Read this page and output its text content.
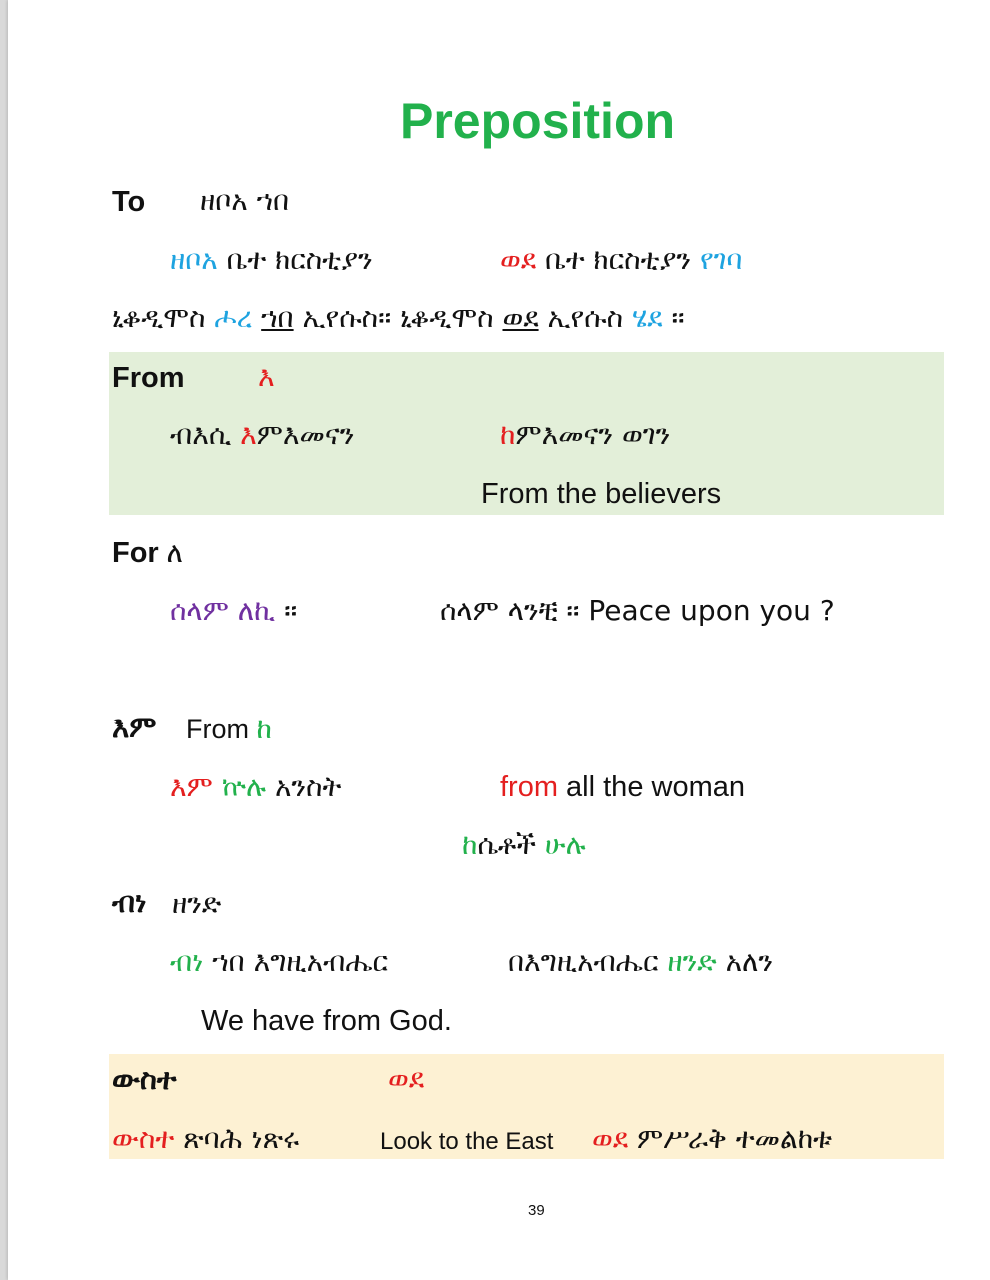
Preposition
To ዘቦአ ኀበ
ዘቦአ ቤተ ክርስቲያን	ወደ ቤተ ክርስቲያን የገባ
ኒቆዲሞስ ሖረ ኀበ ኢየሱስ። ኒቆዲሞስ ወደ ኢየሱስ ሄደ ።
From	እ
ብእሲ እምእመናን	ከምእመናን ወገን
From the believers
For ለ
ሰላም ለኪ ።	ሰላም ላንቺ ። Peace upon you ?
እም From ከ
እም ኵሉ አንስት	from all the woman
ከሴቶች ሁሉ
ብነ ዘንድ
ብነ ኀበ እግዚአብሔር	በእግዚአብሔር ዘንድ አለን
We have from God.
ውስተ	ወደ
ውስተ ጽባሕ ነጽሩ	Look to the East ወደ ምሥራቅ ተመልከቱ
39
